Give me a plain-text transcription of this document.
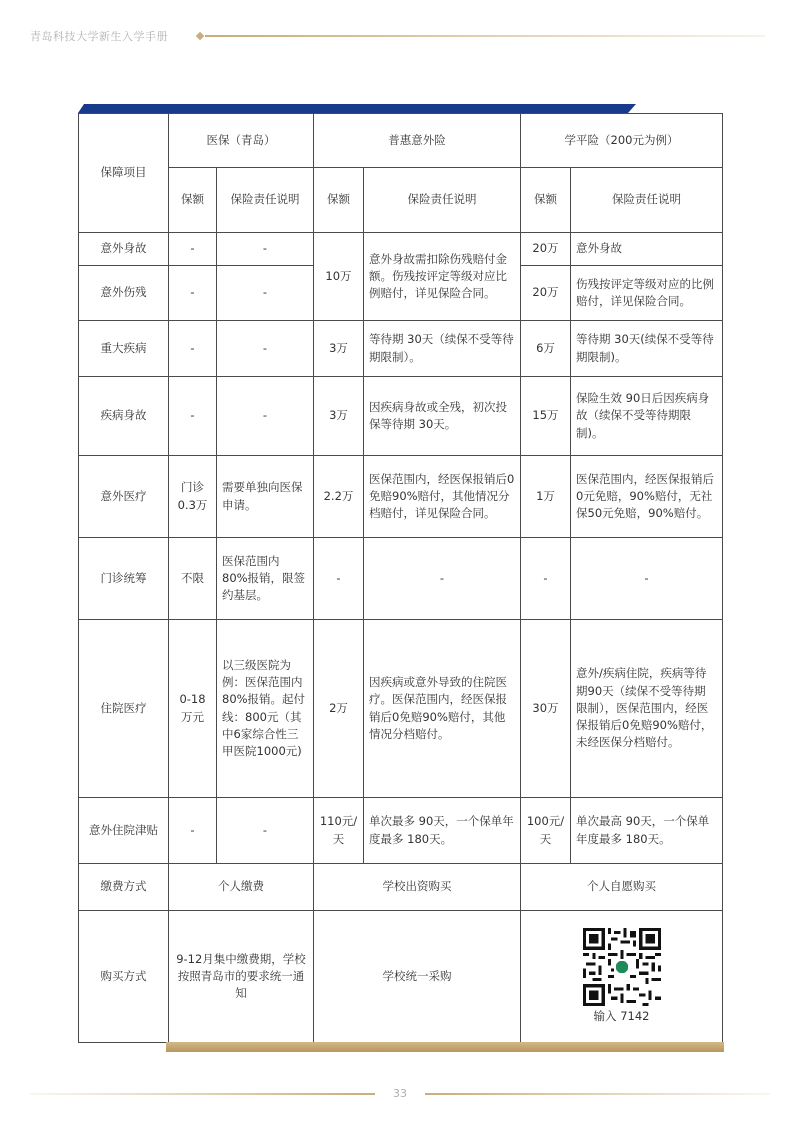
青岛科技大学新生入学手册
保障项目	医保（青岛）		普惠意外险		学平险（200元为例）	
	保额	保险责任说明	保额	保险责任说明	保额	保险责任说明
意外身故	-	-	10万	意外身故需扣除伤残赔付金额。伤残按评定等级对应比例赔付，详见保险合同。	20万	意外身故
意外伤残	-	-			20万	伤残按评定等级对应的比例赔付，详见保险合同。
重大疾病	-	-	3万	等待期 30天（续保不受等待期限制）。	6万	等待期 30天(续保不受等待期限制)。
疾病身故	-	-	3万	因疾病身故或全残，初次投保等待期 30天。	15万	保险生效 90日后因疾病身故（续保不受等待期限制)。
意外医疗	门诊0.3万	需要单独向医保申请。	2.2万	医保范围内，经医保报销后0免赔90%赔付，其他情况分档赔付，详见保险合同。	1万	医保范围内，经医保报销后0元免赔，90%赔付，无社保50元免赔，90%赔付。
门诊统筹	不限	医保范围内 80%报销，限签约基层。	-	-	-	-
住院医疗	0-18万元	以三级医院为例：医保范围内80%报销。起付线：800元（其中6家综合性三甲医院1000元)	2万	因疾病或意外导致的住院医疗。医保范围内，经医保报销后0免赔90%赔付，其他情况分档赔付。	30万	意外/疾病住院，疾病等待期90天（续保不受等待期限制），医保范围内，经医保报销后0免赔90%赔付，未经医保分档赔付。
意外住院津贴	-	-	110元/天	单次最多 90天，一个保单年度最多 180天。	100元/天	单次最高 90天，一个保单年度最多 180天。
缴费方式	个人缴费		学校出资购买		个人自愿购买	
购买方式	9-12月集中缴费期，学校按照青岛市的要求统一通知		学校统一采购		输入 7142	
33
